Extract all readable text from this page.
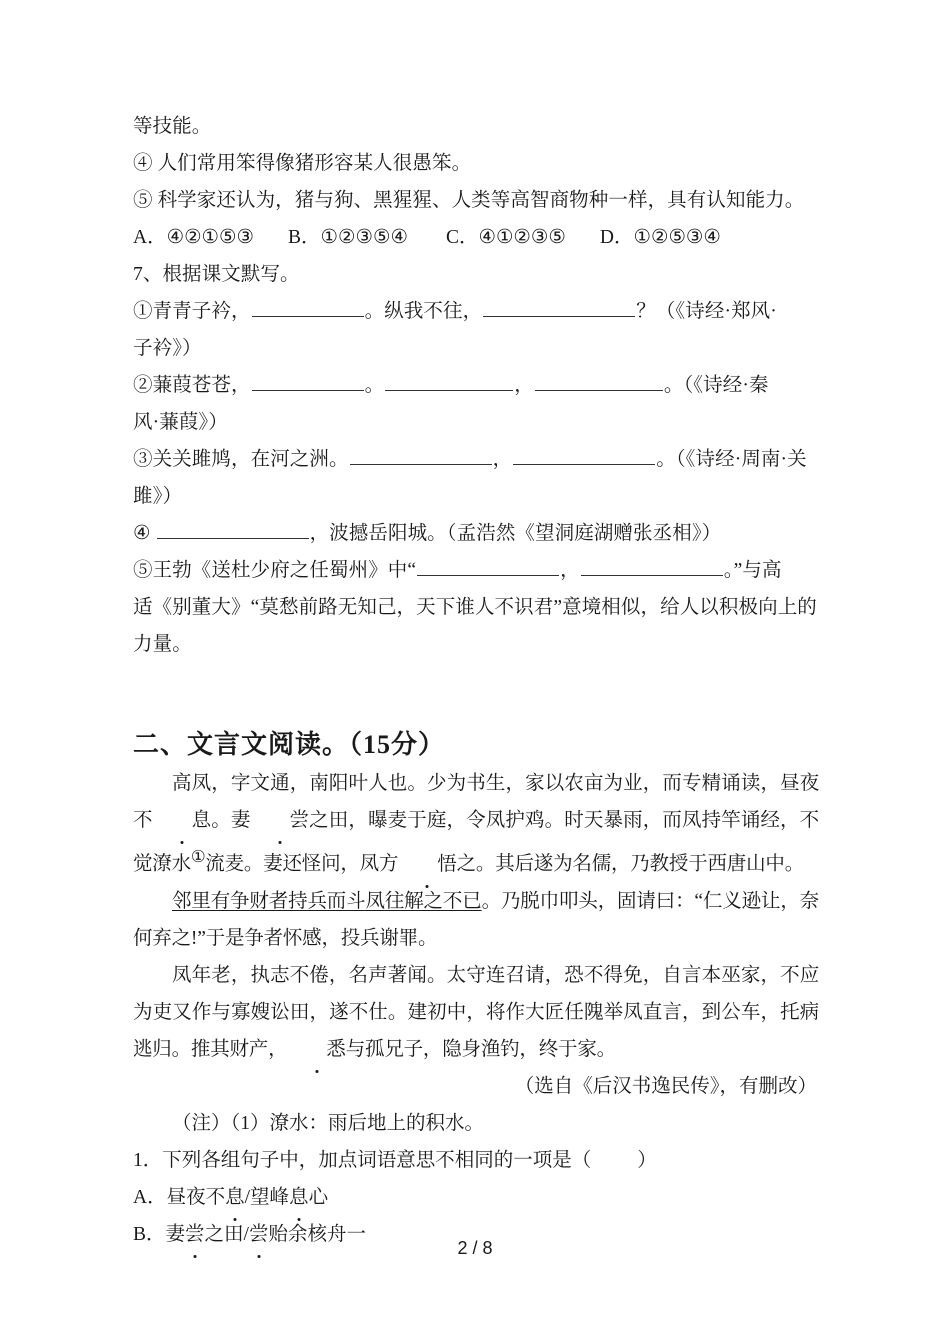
等技能。
④ 人们常用笨得像猪形容某人很愚笨。
⑤ 科学家还认为，猪与狗、黑猩猩、人类等高智商物种一样，具有认知能力。
A．④②①⑤③ B．①②③⑤④ C．④①②③⑤ D．①②⑤③④
7、根据课文默写。
①青青子衿，	。纵我不往，	？（《诗经·郑风·
子衿》）
②蒹葭苍苍，	。	，	。（《诗经·秦
风·蒹葭》）
③关关雎鸠，在河之洲。	，	。（《诗经·周南·关
雎》）
④	，波撼岳阳城。（孟浩然《望洞庭湖赠张丞相》）
⑤王勃《送杜少府之任蜀州》中“	，	。”与高
适《别董大》“莫愁前路无知己，天下谁人不识君”意境相似，给人以积极向上的
力量。
二、文言文阅读。（15分）
高凤，字文通，南阳叶人也。少为书生，家以农亩为业，而专精诵读，昼夜不 息。妻 尝之田，曝麦于庭，令凤护鸡。时天暴雨，而凤持竿诵经，不觉潦水①流麦。妻还怪问，凤方 悟之。其后遂为名儒，乃教授于西唐山中。
邻里有争财者持兵而斗凤往解之不已。乃脱巾叩头，固请曰：“仁义逊让，奈何弃之!”于是争者怀感，投兵谢罪。
凤年老，执志不倦，名声著闻。太守连召请，恐不得免，自言本巫家，不应为吏又作与寡嫂讼田，遂不仕。建初中，将作大匠任隗举凤直言，到公车，托病逃归。推其财产， 悉与孤兄子，隐身渔钓，终于家。
（选自《后汉书逸民传》，有删改）
（注）（1）潦水：雨后地上的积水。
1．下列各组句子中，加点词语意思不相同的一项是（ ）
A．昼夜不息/望峰息心
B．妻尝之田/尝贻余核舟一
2 / 8
